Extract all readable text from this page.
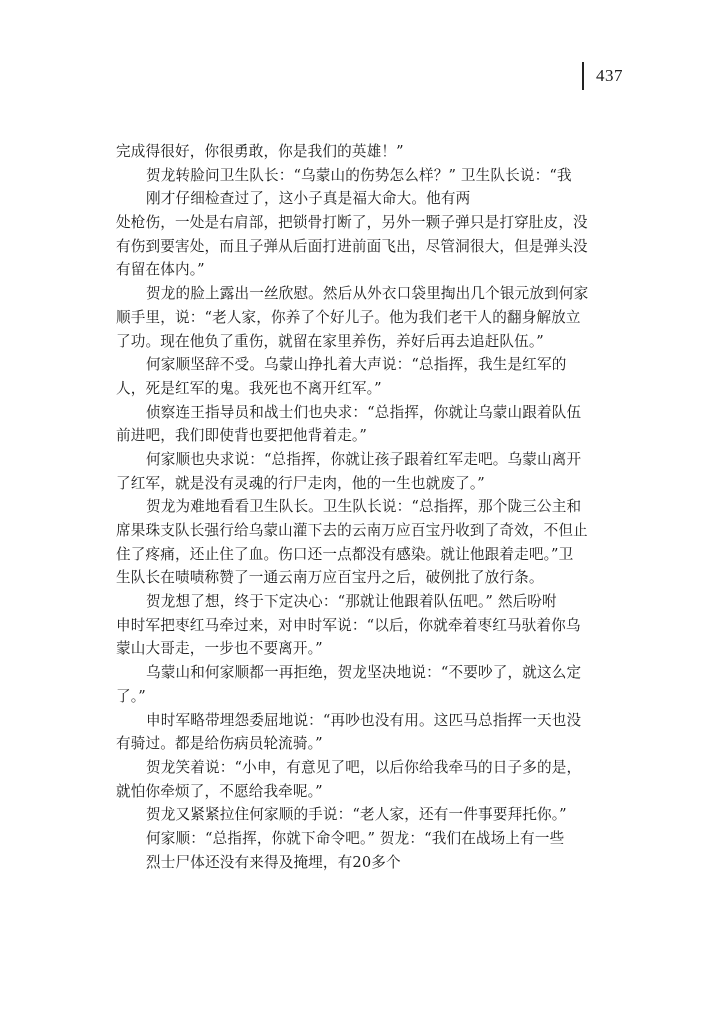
437
完成得很好，你很勇敢，你是我们的英雄！”
贺龙转脸问卫生队长：“乌蒙山的伤势怎么样？” 卫生队长说：“我
刚才仔细检查过了，这小子真是福大命大。他有两
处枪伤，一处是右肩部，把锁骨打断了，另外一颗子弹只是打穿肚皮，没
有伤到要害处，而且子弹从后面打进前面飞出，尽管洞很大，但是弹头没
有留在体内。”
贺龙的脸上露出一丝欣慰。然后从外衣口袋里掏出几个银元放到何家
顺手里，说：“老人家，你养了个好儿子。他为我们老干人的翻身解放立
了功。现在他负了重伤，就留在家里养伤，养好后再去追赶队伍。”
何家顺坚辞不受。乌蒙山挣扎着大声说：“总指挥，我生是红军的
人，死是红军的鬼。我死也不离开红军。”
侦察连王指导员和战士们也央求：“总指挥，你就让乌蒙山跟着队伍
前进吧，我们即使背也要把他背着走。”
何家顺也央求说：“总指挥，你就让孩子跟着红军走吧。乌蒙山离开
了红军，就是没有灵魂的行尸走肉，他的一生也就废了。”
贺龙为难地看看卫生队长。卫生队长说：“总指挥，那个陇三公主和
席果珠支队长强行给乌蒙山灌下去的云南万应百宝丹收到了奇效，不但止
住了疼痛，还止住了血。伤口还一点都没有感染。就让他跟着走吧。”卫
生队长在啧啧称赞了一通云南万应百宝丹之后，破例批了放行条。
贺龙想了想，终于下定决心：“那就让他跟着队伍吧。” 然后吩咐
申时军把枣红马牵过来，对申时军说：“以后，你就牵着枣红马驮着你乌
蒙山大哥走，一步也不要离开。”
乌蒙山和何家顺都一再拒绝，贺龙坚决地说：“不要吵了，就这么定
了。”
申时军略带埋怨委屈地说：“再吵也没有用。这匹马总指挥一天也没
有骑过。都是给伤病员轮流骑。”
贺龙笑着说：“小申，有意见了吧，以后你给我牵马的日子多的是，
就怕你牵烦了，不愿给我牵呢。”
贺龙又紧紧拉住何家顺的手说：“老人家，还有一件事要拜托你。”
何家顺：“总指挥，你就下命令吧。” 贺龙：“我们在战场上有一些
烈士尸体还没有来得及掩埋，有20多个
